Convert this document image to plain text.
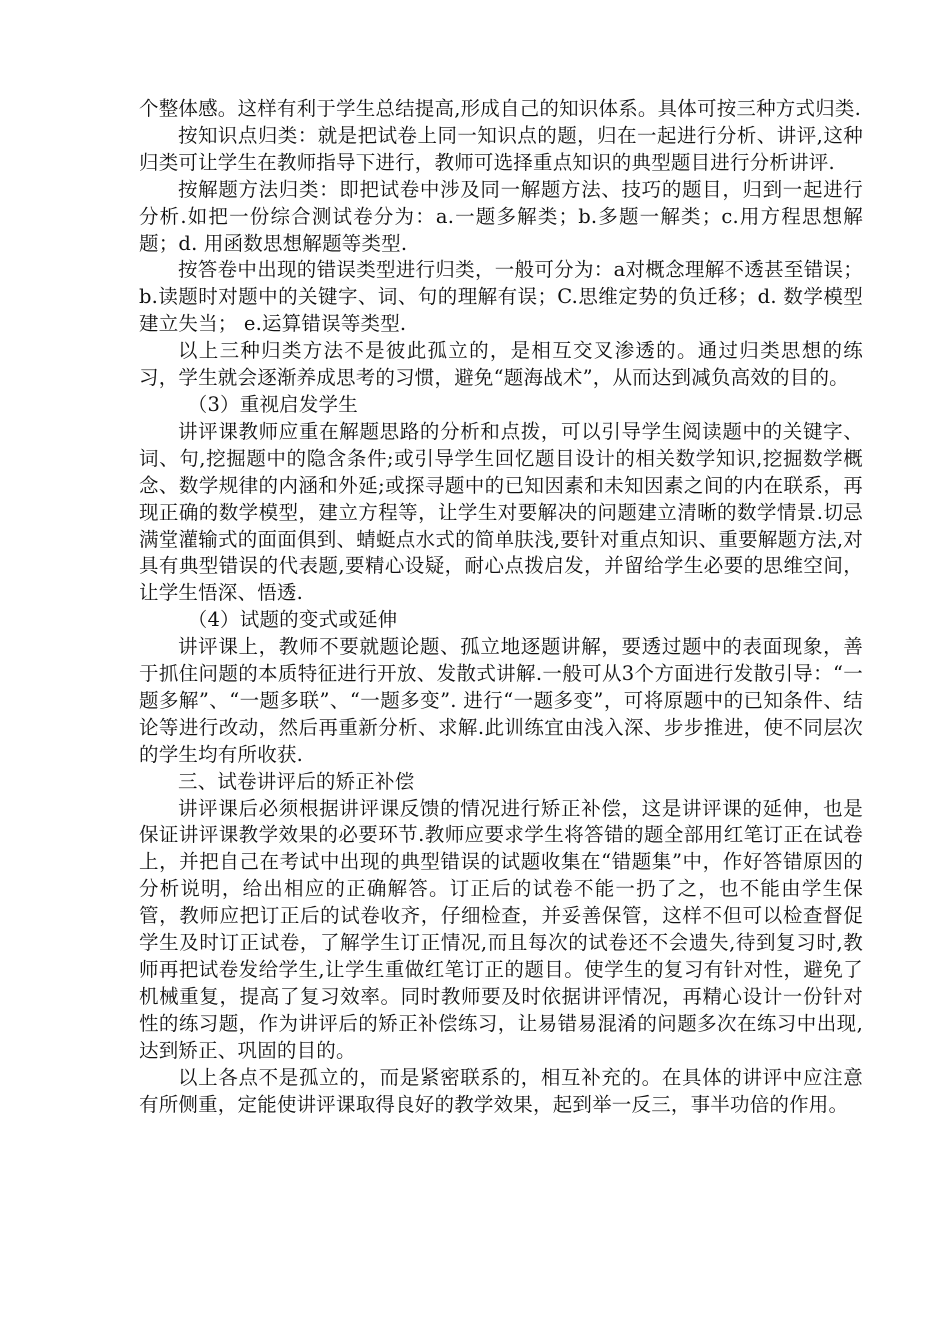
个整体感。这样有利于学生总结提高,形成自己的知识体系。具体可按三种方式归类.

按知识点归类：就是把试卷上同一知识点的题，归在一起进行分析、讲评,这种归类可让学生在教师指导下进行，教师可选择重点知识的典型题目进行分析讲评.

按解题方法归类：即把试卷中涉及同一解题方法、技巧的题目，归到一起进行分析.如把一份综合测试卷分为：a.一题多解类；b.多题一解类；c.用方程思想解题；d. 用函数思想解题等类型.

按答卷中出现的错误类型进行归类，一般可分为：a对概念理解不透甚至错误；b.读题时对题中的关键字、词、句的理解有误；C.思维定势的负迁移；d. 数学模型建立失当； e.运算错误等类型.

以上三种归类方法不是彼此孤立的，是相互交叉渗透的。通过归类思想的练习，学生就会逐渐养成思考的习惯，避免“题海战术”，从而达到减负高效的目的。

（3）重视启发学生

讲评课教师应重在解题思路的分析和点拨，可以引导学生阅读题中的关键字、词、句,挖掘题中的隐含条件;或引导学生回忆题目设计的相关数学知识,挖掘数学概念、数学规律的内涵和外延;或探寻题中的已知因素和未知因素之间的内在联系，再现正确的数学模型，建立方程等，让学生对要解决的问题建立清晰的数学情景.切忌满堂灌输式的面面俱到、蜻蜓点水式的简单肤浅,要针对重点知识、重要解题方法,对具有典型错误的代表题,要精心设疑，耐心点拨启发，并留给学生必要的思维空间，让学生悟深、悟透.

（4）试题的变式或延伸

讲评课上，教师不要就题论题、孤立地逐题讲解，要透过题中的表面现象，善于抓住问题的本质特征进行开放、发散式讲解.一般可从3个方面进行发散引导：“一题多解”、“一题多联”、“一题多变”. 进行“一题多变”，可将原题中的已知条件、结论等进行改动，然后再重新分析、求解.此训练宜由浅入深、步步推进，使不同层次的学生均有所收获.

三、试卷讲评后的矫正补偿

讲评课后必须根据讲评课反馈的情况进行矫正补偿，这是讲评课的延伸，也是保证讲评课教学效果的必要环节.教师应要求学生将答错的题全部用红笔订正在试卷上，并把自己在考试中出现的典型错误的试题收集在“错题集”中，作好答错原因的分析说明，给出相应的正确解答。订正后的试卷不能一扔了之，也不能由学生保管，教师应把订正后的试卷收齐，仔细检查，并妥善保管，这样不但可以检查督促学生及时订正试卷，了解学生订正情况,而且每次的试卷还不会遗失,待到复习时,教师再把试卷发给学生,让学生重做红笔订正的题目。使学生的复习有针对性，避免了机械重复，提高了复习效率。同时教师要及时依据讲评情况，再精心设计一份针对性的练习题，作为讲评后的矫正补偿练习，让易错易混淆的问题多次在练习中出现,达到矫正、巩固的目的。

以上各点不是孤立的，而是紧密联系的，相互补充的。在具体的讲评中应注意有所侧重，定能使讲评课取得良好的教学效果，起到举一反三，事半功倍的作用。
